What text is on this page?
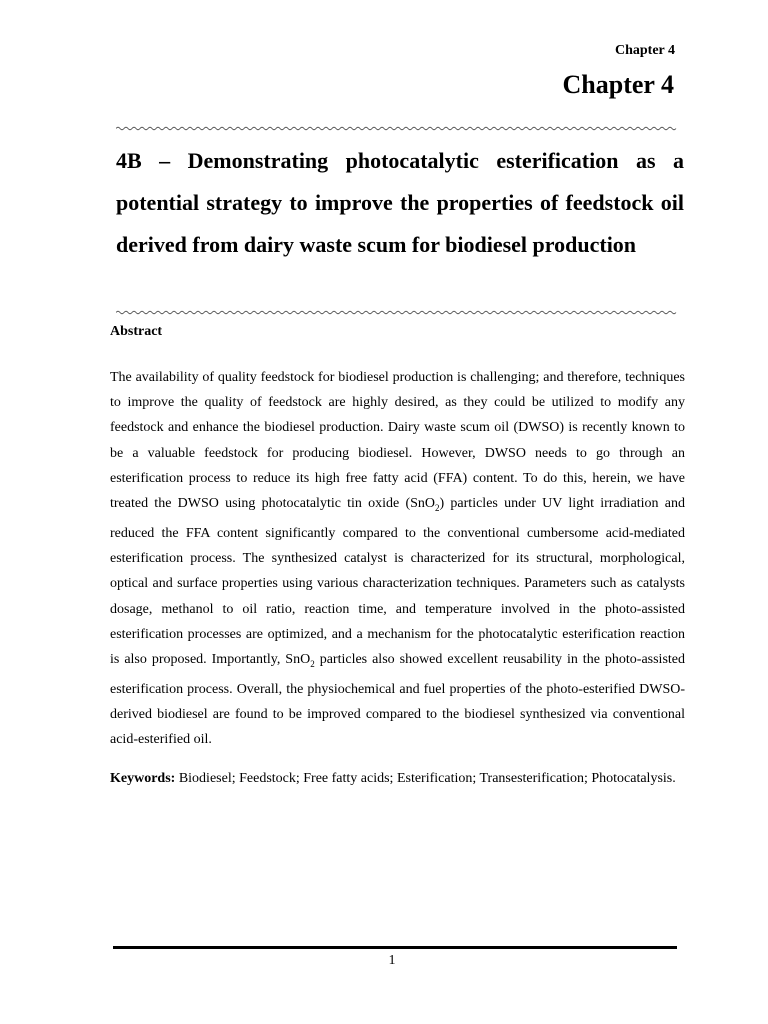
Chapter 4
Chapter 4
4B – Demonstrating photocatalytic esterification as a potential strategy to improve the properties of feedstock oil derived from dairy waste scum for biodiesel production
Abstract

The availability of quality feedstock for biodiesel production is challenging; and therefore, techniques to improve the quality of feedstock are highly desired, as they could be utilized to modify any feedstock and enhance the biodiesel production. Dairy waste scum oil (DWSO) is recently known to be a valuable feedstock for producing biodiesel. However, DWSO needs to go through an esterification process to reduce its high free fatty acid (FFA) content. To do this, herein, we have treated the DWSO using photocatalytic tin oxide (SnO$_2$) particles under UV light irradiation and reduced the FFA content significantly compared to the conventional cumbersome acid-mediated esterification process. The synthesized catalyst is characterized for its structural, morphological, optical and surface properties using various characterization techniques. Parameters such as catalysts dosage, methanol to oil ratio, reaction time, and temperature involved in the photo-assisted esterification processes are optimized, and a mechanism for the photocatalytic esterification reaction is also proposed. Importantly, SnO$_2$ particles also showed excellent reusability in the photo-assisted esterification process. Overall, the physiochemical and fuel properties of the photo-esterified DWSO-derived biodiesel are found to be improved compared to the biodiesel synthesized via conventional acid-esterified oil.

Keywords: Biodiesel; Feedstock; Free fatty acids; Esterification; Transesterification; Photocatalysis.

1
